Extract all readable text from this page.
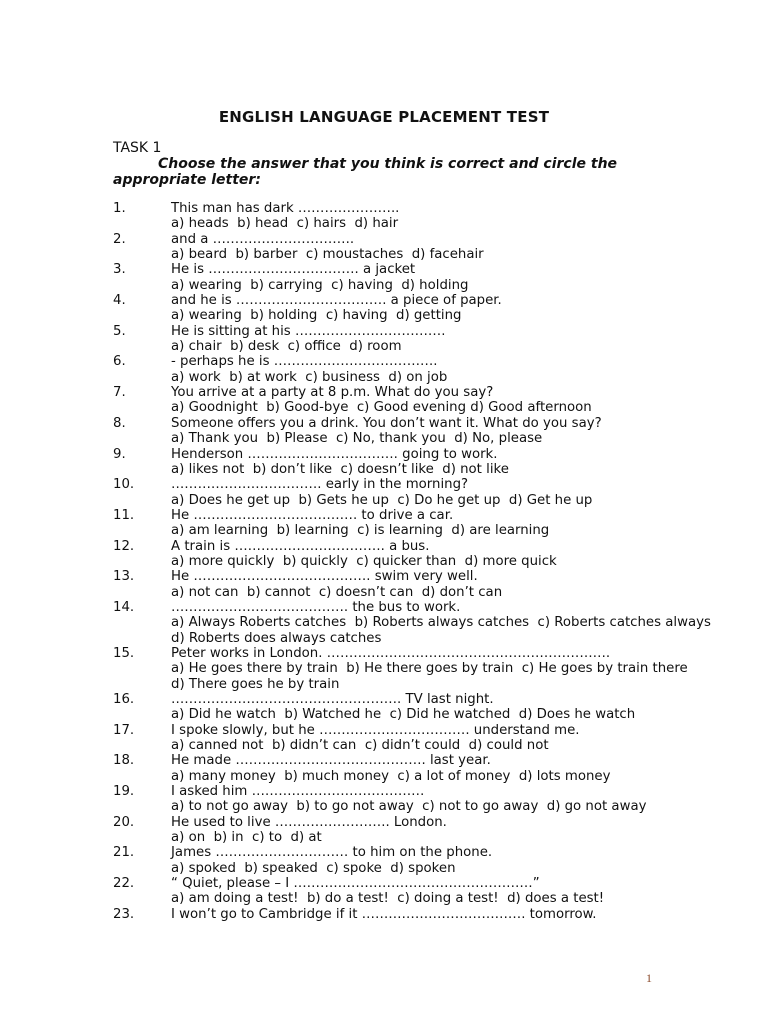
ENGLISH LANGUAGE PLACEMENT TEST
TASK 1

Choose the answer that you think is correct and circle the appropriate letter:

1.	This man has dark …………………..
a) heads  b) head  c) hairs  d) hair
2.	and a …………………………..
a) beard  b) barber  c) moustaches  d) facehair
3.	He is ……………………………. a jacket
a) wearing  b) carrying  c) having  d) holding
4.	and he is ……………………………. a piece of paper.
a) wearing  b) holding  c) having  d) getting
5.	He is sitting at his …………………………….
a) chair  b) desk  c) office  d) room
6.	- perhaps he is ……………………………….
a) work  b) at work  c) business  d) on job
7.	You arrive at a party at 8 p.m. What do you say?
a) Goodnight  b) Good-bye  c) Good evening d) Good afternoon
8.	Someone offers you a drink. You don’t want it. What do you say?
a) Thank you  b) Please  c) No, thank you  d) No, please
9.	Henderson ……………………………. going to work.
a) likes not  b) don’t like  c) doesn’t like  d) not like
10.	……………………………. early in the morning?
a) Does he get up  b) Gets he up  c) Do he get up  d) Get he up
11.	He ………………………………. to drive a car.
a) am learning  b) learning  c) is learning  d) are learning
12.	A train is ……………………………. a bus.
a) more quickly  b) quickly  c) quicker than  d) more quick
13.	He …………………………………. swim very well.
a) not can  b) cannot  c) doesn’t can  d) don’t can
14.	…………………………………. the bus to work.
a) Always Roberts catches  b) Roberts always catches  c) Roberts catches always  d) Roberts does always catches
15.	Peter works in London. ……………………………………………………….
a) He goes there by train  b) He there goes by train  c) He goes by train there              d) There goes he by train
16.	……………………………………………. TV last night.
a) Did he watch  b) Watched he  c) Did he watched  d) Does he watch
17.	I spoke slowly, but he ……………………………. understand me.
a) canned not  b) didn’t can  c) didn’t could  d) could not
18.	He made ……………………………………. last year.
a) many money  b) much money  c) a lot of money  d) lots money
19.	I asked him …………………………………
a) to not go away  b) to go not away  c) not to go away  d) go not away
20.	He used to live …………………….. London.
a) on  b) in  c) to  d) at
21.	James ………………………… to him on the phone.
a) spoked  b) speaked  c) spoke  d) spoken
22.	“ Quiet, please – I ………………………………………………”
a) am doing a test!  b) do a test!  c) doing a test!  d) does a test!
23.	I won’t go to Cambridge if it ………………………………. tomorrow.
1
